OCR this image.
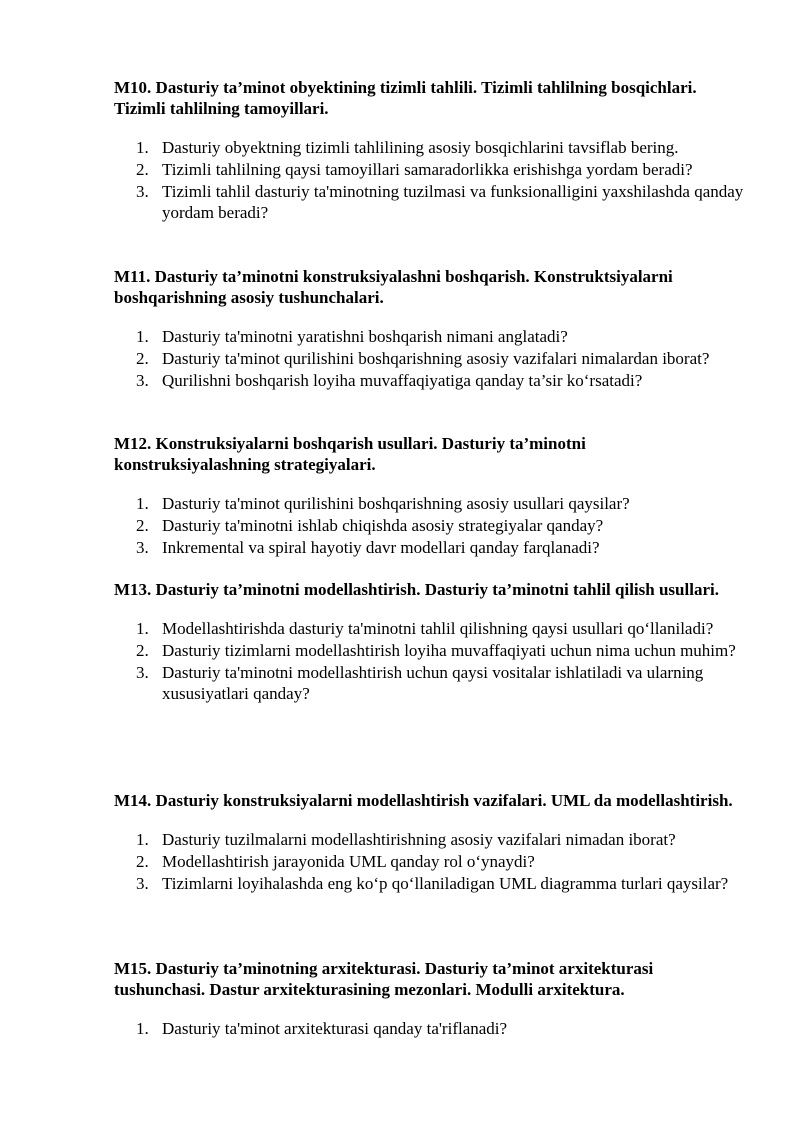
M10. Dasturiy ta’minot obyektining tizimli tahlili. Tizimli tahlilning bosqichlari. Tizimli tahlilning tamoyillari.

1. Dasturiy obyektning tizimli tahlilining asosiy bosqichlarini tavsiflab bering.
2. Tizimli tahlilning qaysi tamoyillari samaradorlikka erishishga yordam beradi?
3. Tizimli tahlil dasturiy ta'minotning tuzilmasi va funksionalligini yaxshilashda qanday yordam beradi?

M11. Dasturiy ta’minotni konstruksiyalashni boshqarish. Konstruktsiyalarni boshqarishning asosiy tushunchalari.

1. Dasturiy ta'minotni yaratishni boshqarish nimani anglatadi?
2. Dasturiy ta'minot qurilishini boshqarishning asosiy vazifalari nimalardan iborat?
3. Qurilishni boshqarish loyiha muvaffaqiyatiga qanday ta’sir ko‘rsatadi?

M12. Konstruksiyalarni boshqarish usullari. Dasturiy ta’minotni konstruksiyalashning strategiyalari.

1. Dasturiy ta'minot qurilishini boshqarishning asosiy usullari qaysilar?
2. Dasturiy ta'minotni ishlab chiqishda asosiy strategiyalar qanday?
3. Inkremental va spiral hayotiy davr modellari qanday farqlanadi?

M13. Dasturiy ta’minotni modellashtirish. Dasturiy ta’minotni tahlil qilish usullari.

1. Modellashtirishda dasturiy ta'minotni tahlil qilishning qaysi usullari qo‘llaniladi?
2. Dasturiy tizimlarni modellashtirish loyiha muvaffaqiyati uchun nima uchun muhim?
3. Dasturiy ta'minotni modellashtirish uchun qaysi vositalar ishlatiladi va ularning xususiyatlari qanday?

M14. Dasturiy konstruksiyalarni modellashtirish vazifalari. UML da modellashtirish.

1. Dasturiy tuzilmalarni modellashtirishning asosiy vazifalari nimadan iborat?
2. Modellashtirish jarayonida UML qanday rol o‘ynaydi?
3. Tizimlarni loyihalashda eng ko‘p qo‘llaniladigan UML diagramma turlari qaysilar?

M15. Dasturiy ta’minotning arxitekturasi. Dasturiy ta’minot arxitekturasi tushunchasi. Dastur arxitekturasining mezonlari. Modulli arxitektura.

1. Dasturiy ta'minot arxitekturasi qanday ta'riflanadi?
